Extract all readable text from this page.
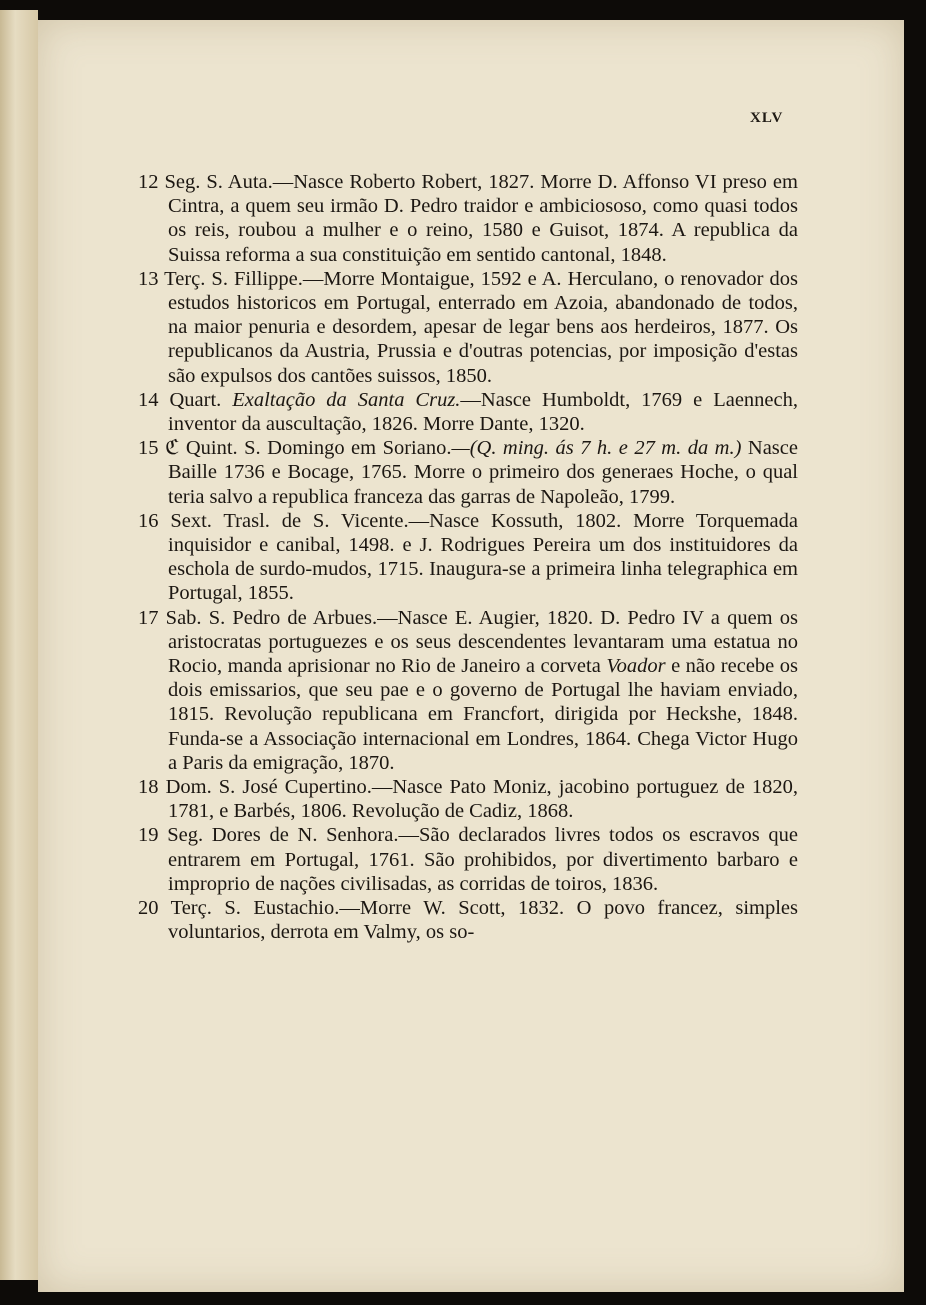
XLV

12 Seg. S. Auta.—Nasce Roberto Robert, 1827. Morre D. Affonso VI preso em Cintra, a quem seu irmão D. Pedro traidor e ambiciososo, como quasi todos os reis, roubou a mulher e o reino, 1580 e Guisot, 1874. A republica da Suissa reforma a sua constituição em sentido cantonal, 1848.

13 Terç. S. Fillippe.—Morre Montaigue, 1592 e A. Herculano, o renovador dos estudos historicos em Portugal, enterrado em Azoia, abandonado de todos, na maior penuria e desordem, apesar de legar bens aos herdeiros, 1877. Os republicanos da Austria, Prussia e d'outras potencias, por imposição d'estas são expulsos dos cantões suissos, 1850.

14 Quart. Exaltação da Santa Cruz.—Nasce Humboldt, 1769 e Laennech, inventor da auscultação, 1826. Morre Dante, 1320.

15 ℭ Quint. S. Domingo em Soriano.—(Q. ming. ás 7 h. e 27 m. da m.) Nasce Baille 1736 e Bocage, 1765. Morre o primeiro dos generaes Hoche, o qual teria salvo a republica franceza das garras de Napoleão, 1799.

16 Sext. Trasl. de S. Vicente.—Nasce Kossuth, 1802. Morre Torquemada inquisidor e canibal, 1498. e J. Rodrigues Pereira um dos instituidores da eschola de surdo-mudos, 1715. Inaugura-se a primeira linha telegraphica em Portugal, 1855.

17 Sab. S. Pedro de Arbues.—Nasce E. Augier, 1820. D. Pedro IV a quem os aristocratas portuguezes e os seus descendentes levantaram uma estatua no Rocio, manda aprisionar no Rio de Janeiro a corveta Voador e não recebe os dois emissarios, que seu pae e o governo de Portugal lhe haviam enviado, 1815. Revolução republicana em Francfort, dirigida por Heckshe, 1848. Funda-se a Associação internacional em Londres, 1864. Chega Victor Hugo a Paris da emigração, 1870.

18 Dom. S. José Cupertino.—Nasce Pato Moniz, jacobino portuguez de 1820, 1781, e Barbés, 1806. Revolução de Cadiz, 1868.

19 Seg. Dores de N. Senhora.—São declarados livres todos os escravos que entrarem em Portugal, 1761. São prohibidos, por divertimento barbaro e improprio de nações civilisadas, as corridas de toiros, 1836.

20 Terç. S. Eustachio.—Morre W. Scott, 1832. O povo francez, simples voluntarios, derrota em Valmy, os so-
